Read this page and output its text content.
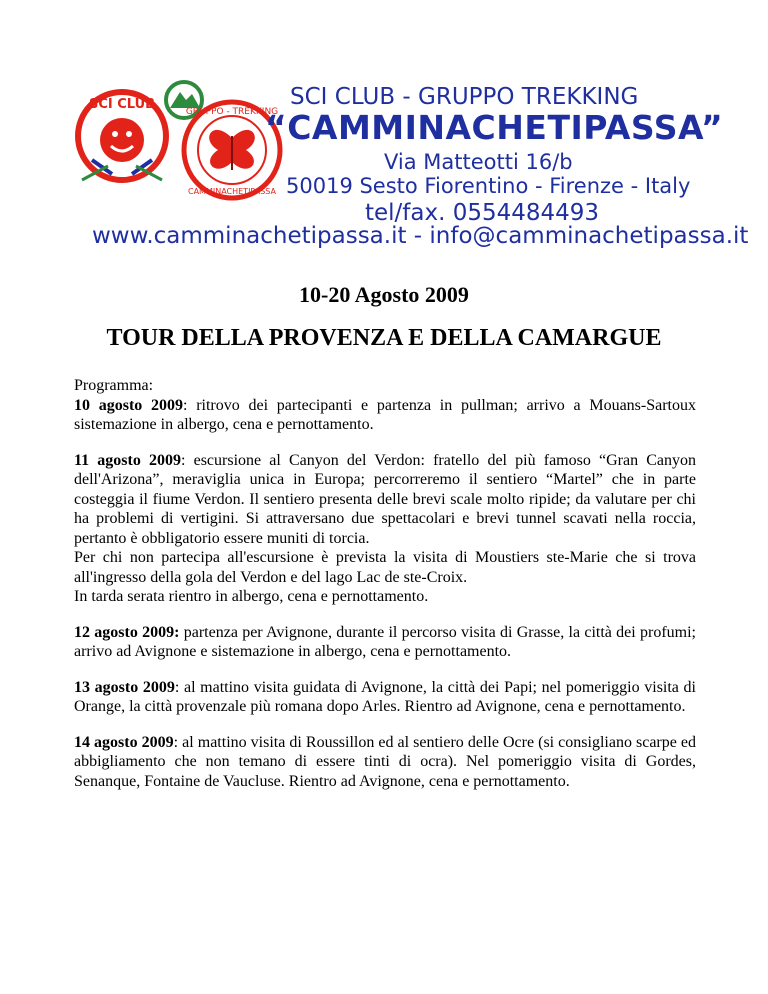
SCI CLUB	GRUPPO - TREKKING
CAMMINACHETIPASSA
SCI CLUB - GRUPPO TREKKING
“CAMMINACHETIPASSA”
Via Matteotti 16/b
50019 Sesto Fiorentino - Firenze - Italy
tel/fax. 0554484493
www.camminachetipassa.it - info@camminachetipassa.it
10-20 Agosto 2009
TOUR DELLA PROVENZA E DELLA CAMARGUE

Programma:

10 agosto 2009: ritrovo dei partecipanti e partenza in pullman; arrivo a Mouans-Sartoux sistemazione in albergo, cena e pernottamento.

11 agosto 2009: escursione al Canyon del Verdon: fratello del più famoso “Gran Canyon dell'Arizona”, meraviglia unica in Europa; percorreremo il sentiero “Martel” che in parte costeggia il fiume Verdon. Il sentiero presenta delle brevi scale molto ripide; da valutare per chi ha problemi di vertigini. Si attraversano due spettacolari e brevi tunnel scavati nella roccia, pertanto è obbligatorio essere muniti di torcia.

Per chi non partecipa all'escursione è prevista la visita di Moustiers ste-Marie che si trova all'ingresso della gola del Verdon e del lago Lac de ste-Croix.

In tarda serata rientro in albergo, cena e pernottamento.

12 agosto 2009: partenza per Avignone, durante il percorso visita di Grasse, la città dei profumi; arrivo ad Avignone e sistemazione in albergo, cena e pernottamento.

13 agosto 2009: al mattino visita guidata di Avignone, la città dei Papi; nel pomeriggio visita di Orange, la città provenzale più romana dopo Arles. Rientro ad Avignone, cena e pernottamento.

14 agosto 2009: al mattino visita di Roussillon ed al sentiero delle Ocre (si consigliano scarpe ed abbigliamento che non temano di essere tinti di ocra). Nel pomeriggio visita di Gordes, Senanque, Fontaine de Vaucluse. Rientro ad Avignone, cena e pernottamento.
